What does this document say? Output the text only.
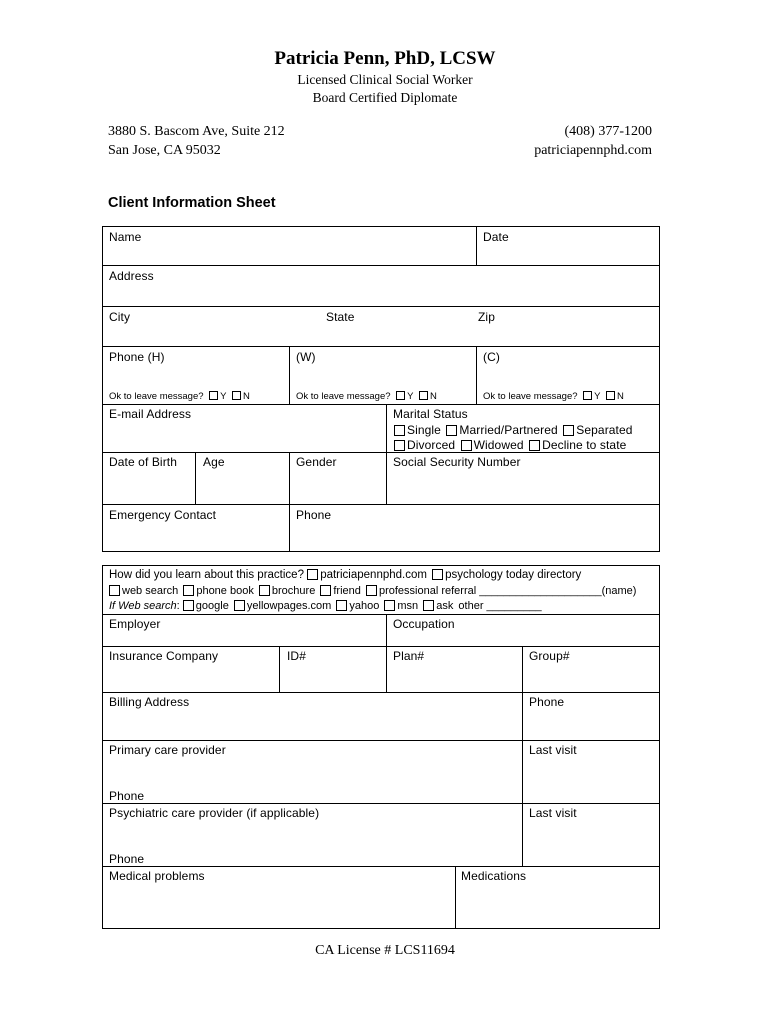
Patricia Penn, PhD, LCSW
Licensed Clinical Social Worker
Board Certified Diplomate
3880 S. Bascom Ave, Suite 212
San Jose, CA 95032
(408) 377-1200
patriciapennphd.com
Client Information Sheet
Name	Date
Address
City	State	Zip
Phone (H)	(W)	(C)
Ok to leave message? Y N	Ok to leave message? Y N	Ok to leave message? Y N
E-mail Address	Marital Status
Single Married/Partnered Separated
Divorced Widowed Decline to state
Date of Birth Age	Gender	Social Security Number
Emergency Contact	Phone
How did you learn about this practice? patriciapennphd.com psychology today directory
web search phone book brochure friend professional referral ____________________(name)
If Web search: google yellowpages.com yahoo msn ask other _________
Employer	Occupation
Insurance Company	ID#	Plan#	Group#
Billing Address	Phone
Primary care provider	Last visit
Phone
Psychiatric care provider (if applicable)	Last visit
Phone
Medical problems	Medications
CA License # LCS11694
